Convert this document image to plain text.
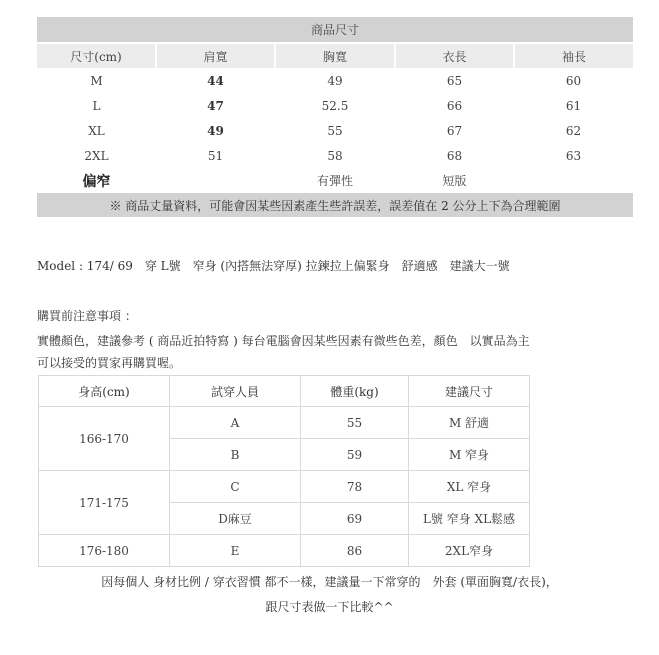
商品尺寸				
尺寸(cm)	肩寬	胸寬	衣長	袖長
M	44	49	65	60
L	47	52.5	66	61
XL	49	55	67	62
2XL	51	58	68	63
偏窄		有彈性	短版	
※ 商品丈量資料，可能會因某些因素產生些許誤差，誤差值在 2 公分上下為合理範圍				
Model : 174/ 69　穿 L號　窄身 (內搭無法穿厚) 拉鍊拉上偏緊身　舒適感　建議大一號
購買前注意事項 ：
實體顏色，建議參考 ( 商品近拍特寫 ) 每台電腦會因某些因素有微些色差，顏色　以實品為主
可以接受的買家再購買喔。
身高(cm)	試穿人員	體重(kg)	建議尺寸
166-170	A	55	M 舒適
	B	59	M 窄身
171-175	C	78	XL 窄身
	D麻豆	69	L號 窄身 XL鬆感
176-180	E	86	2XL窄身
因每個人 身材比例 / 穿衣習慣 都不一樣，建議量一下常穿的　外套 (單面胸寬/衣長)，
跟尺寸表做一下比較^^
